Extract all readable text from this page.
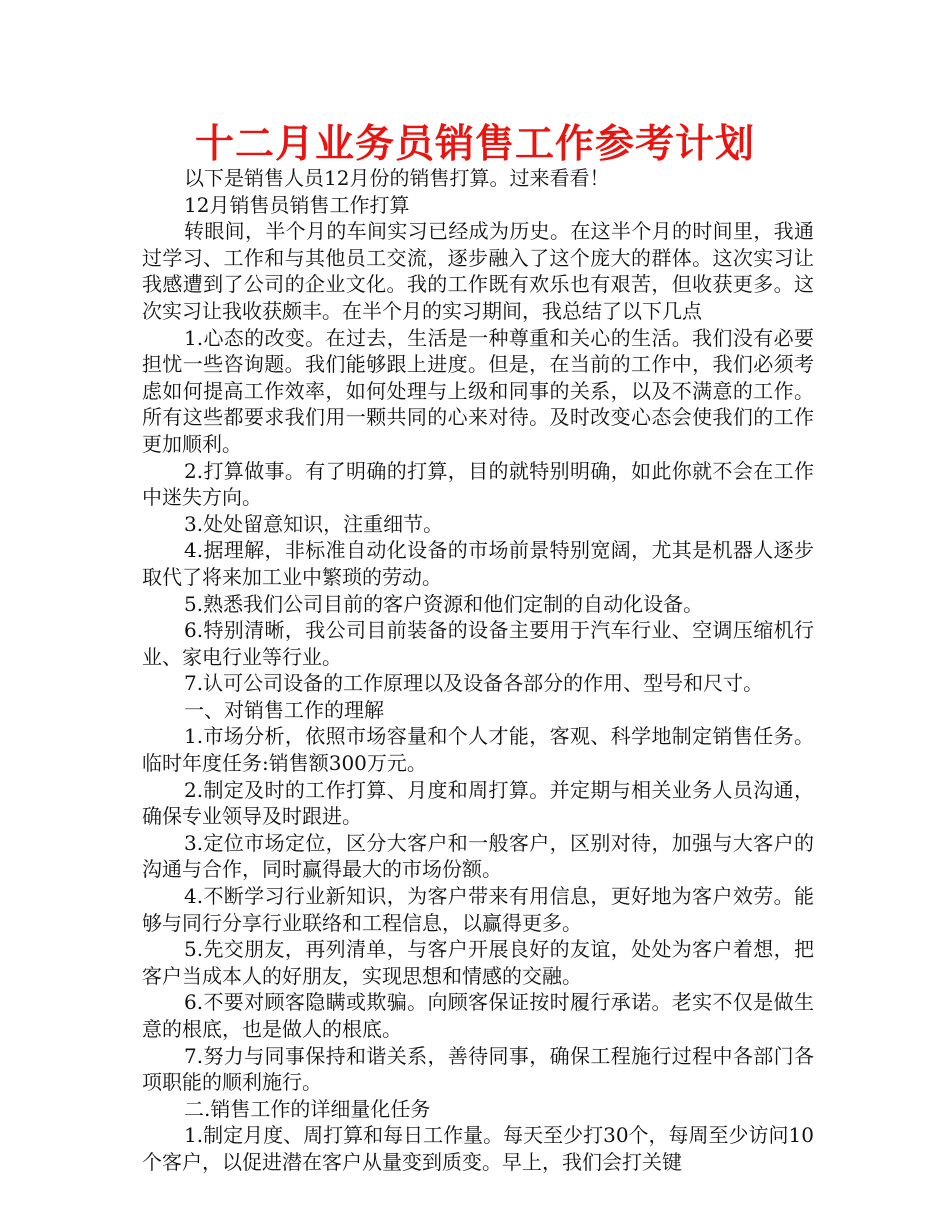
十二月业务员销售工作参考计划

以下是销售人员12月份的销售打算。过来看看！

12月销售员销售工作打算

转眼间，半个月的车间实习已经成为历史。在这半个月的时间里，我通过学习、工作和与其他员工交流，逐步融入了这个庞大的群体。这次实习让我感遭到了公司的企业文化。我的工作既有欢乐也有艰苦，但收获更多。这次实习让我收获颇丰。在半个月的实习期间，我总结了以下几点

1.心态的改变。在过去，生活是一种尊重和关心的生活。我们没有必要担忧一些咨询题。我们能够跟上进度。但是，在当前的工作中，我们必须考虑如何提高工作效率，如何处理与上级和同事的关系，以及不满意的工作。所有这些都要求我们用一颗共同的心来对待。及时改变心态会使我们的工作更加顺利。

2.打算做事。有了明确的打算，目的就特别明确，如此你就不会在工作中迷失方向。

3.处处留意知识，注重细节。

4.据理解，非标准自动化设备的市场前景特别宽阔，尤其是机器人逐步取代了将来加工业中繁琐的劳动。

5.熟悉我们公司目前的客户资源和他们定制的自动化设备。

6.特别清晰，我公司目前装备的设备主要用于汽车行业、空调压缩机行业、家电行业等行业。

7.认可公司设备的工作原理以及设备各部分的作用、型号和尺寸。

一、对销售工作的理解

1.市场分析，依照市场容量和个人才能，客观、科学地制定销售任务。临时年度任务:销售额300万元。

2.制定及时的工作打算、月度和周打算。并定期与相关业务人员沟通，确保专业领导及时跟进。

3.定位市场定位，区分大客户和一般客户，区别对待，加强与大客户的沟通与合作，同时赢得最大的市场份额。

4.不断学习行业新知识，为客户带来有用信息，更好地为客户效劳。能够与同行分享行业联络和工程信息，以赢得更多。

5.先交朋友，再列清单，与客户开展良好的友谊，处处为客户着想，把客户当成本人的好朋友，实现思想和情感的交融。

6.不要对顾客隐瞒或欺骗。向顾客保证按时履行承诺。老实不仅是做生意的根底，也是做人的根底。

7.努力与同事保持和谐关系，善待同事，确保工程施行过程中各部门各项职能的顺利施行。

二.销售工作的详细量化任务

1.制定月度、周打算和每日工作量。每天至少打30个，每周至少访问10个客户，以促进潜在客户从量变到质变。早上，我们会打关键
